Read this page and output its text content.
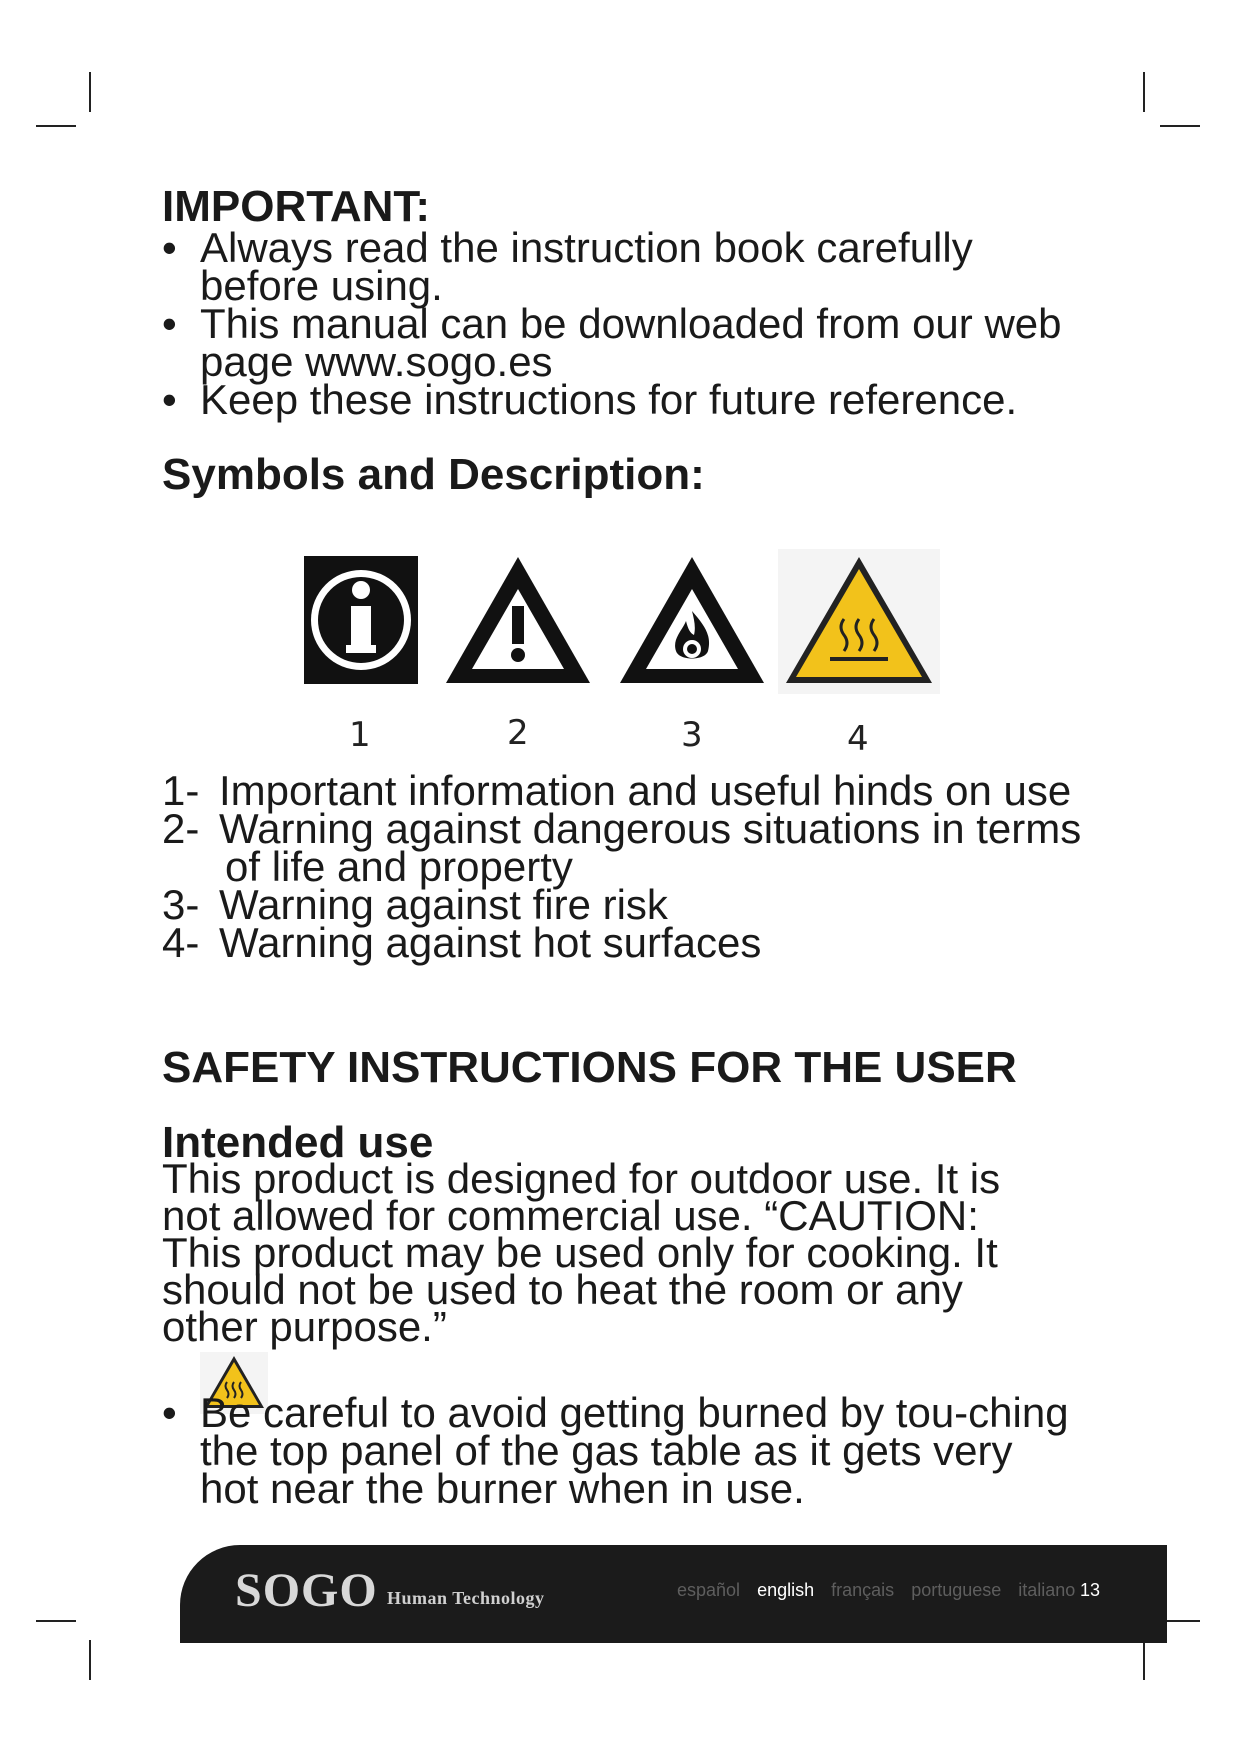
IMPORTANT:
• Always read the instruction book carefully before using.
• This manual can be downloaded from our web page www.sogo.es
• Keep these instructions for future reference.
Symbols and Description:
1	2	3	4
1- Important information and useful hinds on use
2- Warning against dangerous situations in terms of life and property
3- Warning against fire risk
4- Warning against hot surfaces
SAFETY INSTRUCTIONS FOR THE USER
Intended use

This product is designed for outdoor use. It is not allowed for commercial use. “CAUTION: This product may be used only for cooking. It should not be used to heat the room or any other purpose.”

• Be careful to avoid getting burned by tou-ching the top panel of the gas table as it gets very hot near the burner when in use.
SOGO Human Technology	español english français portuguese italiano 13
